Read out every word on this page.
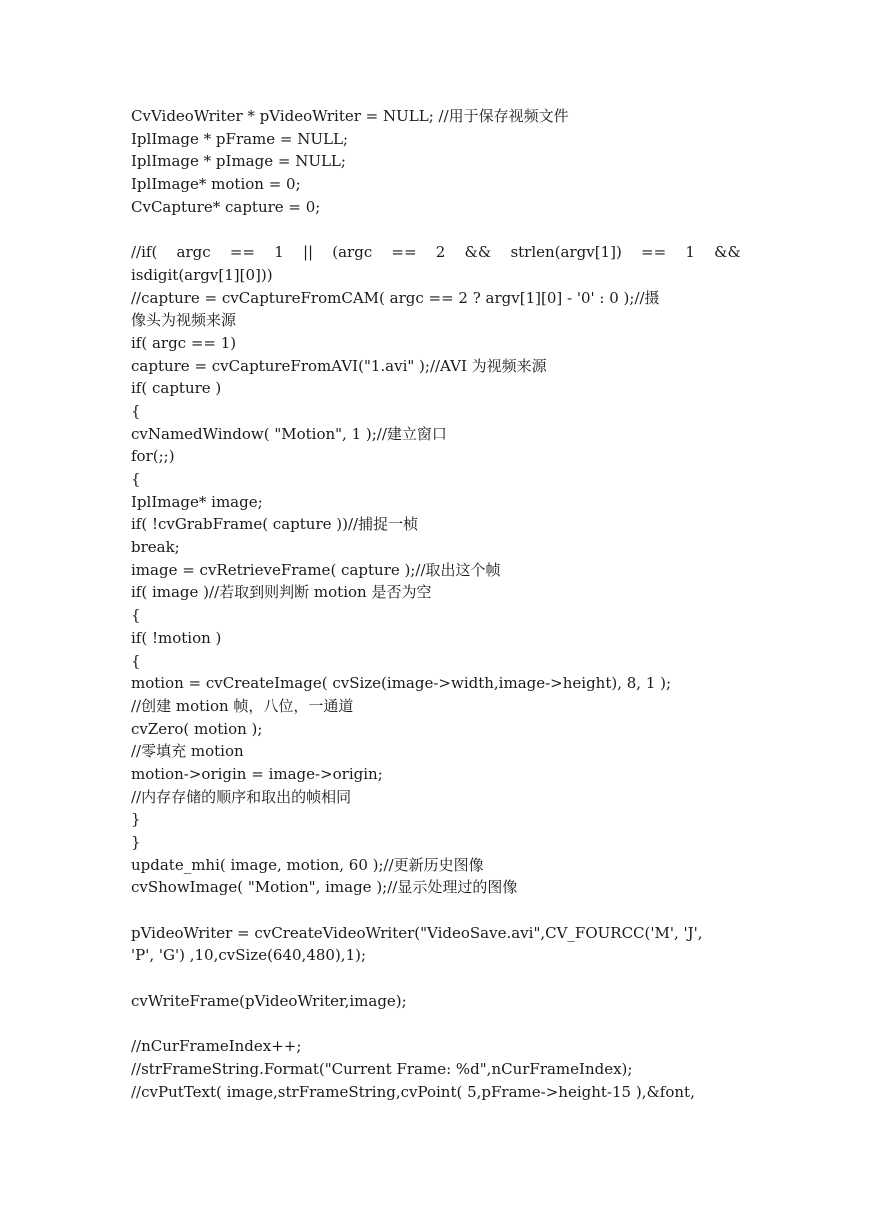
CvVideoWriter * pVideoWriter = NULL; //用于保存视频文件
IplImage * pFrame = NULL;
IplImage * pImage = NULL;
IplImage* motion = 0;
CvCapture* capture = 0;
//if( argc == 1 || (argc == 2 && strlen(argv[1]) == 1 &&
isdigit(argv[1][0]))
//capture = cvCaptureFromCAM( argc == 2 ? argv[1][0] - '0' : 0 );//摄
像头为视频来源
if( argc == 1)
capture = cvCaptureFromAVI("1.avi" );//AVI 为视频来源
if( capture )
{
cvNamedWindow( "Motion", 1 );//建立窗口
for(;;)
{
IplImage* image;
if( !cvGrabFrame( capture ))//捕捉一桢
break;
image = cvRetrieveFrame( capture );//取出这个帧
if( image )//若取到则判断 motion 是否为空
{
if( !motion )
{
motion = cvCreateImage( cvSize(image->width,image->height), 8, 1 );
//创建 motion 帧，八位，一通道
cvZero( motion );
//零填充 motion
motion->origin = image->origin;
//内存存储的顺序和取出的帧相同
}
}
update_mhi( image, motion, 60 );//更新历史图像
cvShowImage( "Motion", image );//显示处理过的图像
pVideoWriter = cvCreateVideoWriter("VideoSave.avi",CV_FOURCC('M', 'J',
'P', 'G') ,10,cvSize(640,480),1);
cvWriteFrame(pVideoWriter,image);
//nCurFrameIndex++;
//strFrameString.Format("Current Frame: %d",nCurFrameIndex);
//cvPutText( image,strFrameString,cvPoint( 5,pFrame->height-15 ),&font,
